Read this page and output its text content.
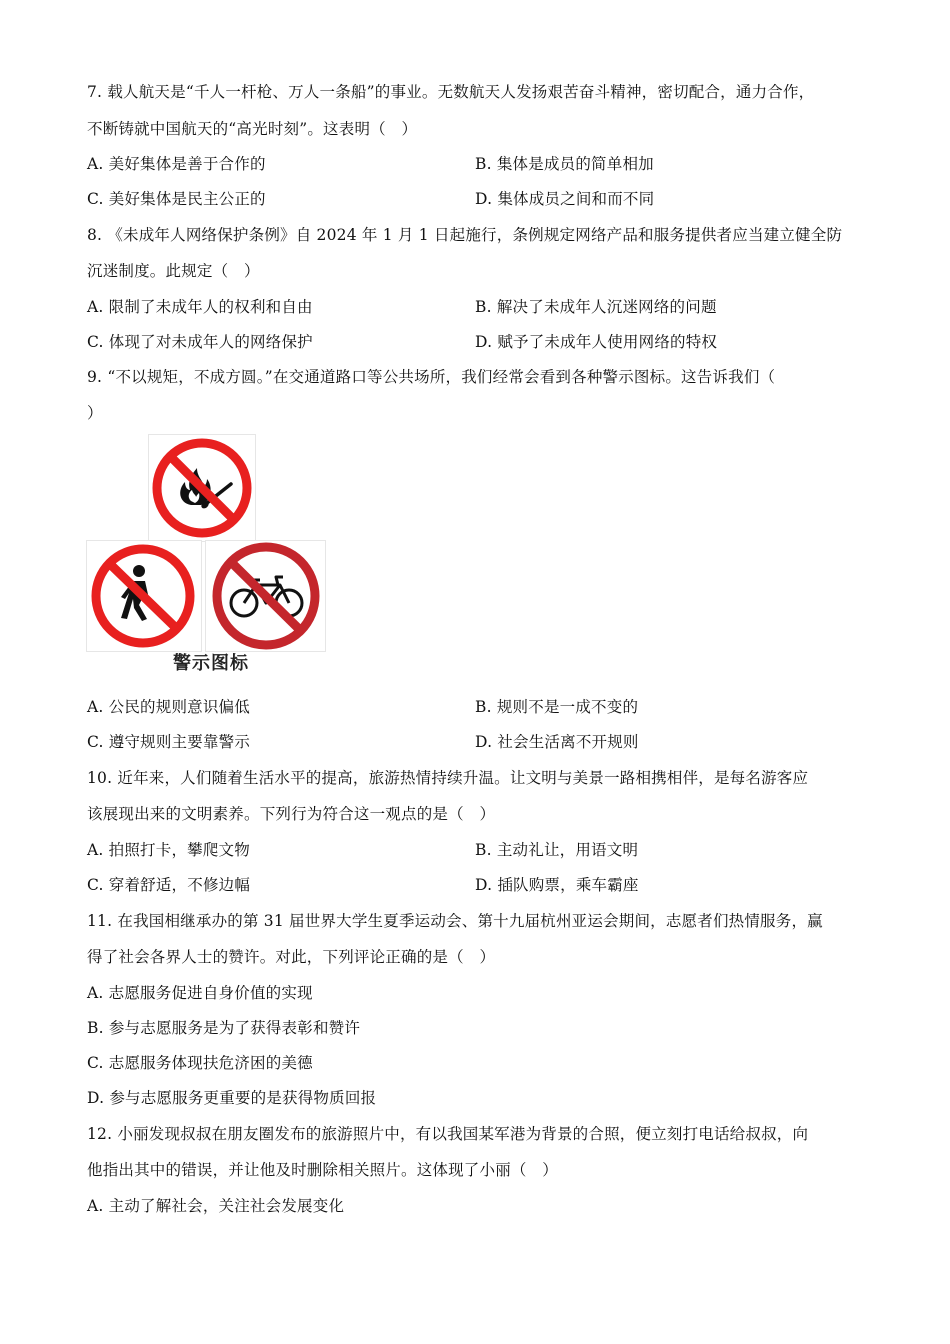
7. 载人航天是“千人一杆枪、万人一条船”的事业。无数航天人发扬艰苦奋斗精神，密切配合，通力合作，
不断铸就中国航天的“高光时刻”。这表明（　）
A. 美好集体是善于合作的	B. 集体是成员的简单相加
C. 美好集体是民主公正的	D. 集体成员之间和而不同
8. 《未成年人网络保护条例》自 2024 年 1 月 1 日起施行，条例规定网络产品和服务提供者应当建立健全防
沉迷制度。此规定（　）
A. 限制了未成年人的权利和自由	B. 解决了未成年人沉迷网络的问题
C. 体现了对未成年人的网络保护	D. 赋予了未成年人使用网络的特权
9. “不以规矩，不成方圆。”在交通道路口等公共场所，我们经常会看到各种警示图标。这告诉我们（
）
警示图标
A. 公民的规则意识偏低	B. 规则不是一成不变的
C. 遵守规则主要靠警示	D. 社会生活离不开规则
10. 近年来，人们随着生活水平的提高，旅游热情持续升温。让文明与美景一路相携相伴，是每名游客应
该展现出来的文明素养。下列行为符合这一观点的是（　）
A. 拍照打卡，攀爬文物	B. 主动礼让，用语文明
C. 穿着舒适，不修边幅	D. 插队购票，乘车霸座
11. 在我国相继承办的第 31 届世界大学生夏季运动会、第十九届杭州亚运会期间，志愿者们热情服务，赢
得了社会各界人士的赞许。对此，下列评论正确的是（　）
A. 志愿服务促进自身价值的实现
B. 参与志愿服务是为了获得表彰和赞许
C. 志愿服务体现扶危济困的美德
D. 参与志愿服务更重要的是获得物质回报
12. 小丽发现叔叔在朋友圈发布的旅游照片中，有以我国某军港为背景的合照，便立刻打电话给叔叔，向
他指出其中的错误，并让他及时删除相关照片。这体现了小丽（　）
A. 主动了解社会，关注社会发展变化
